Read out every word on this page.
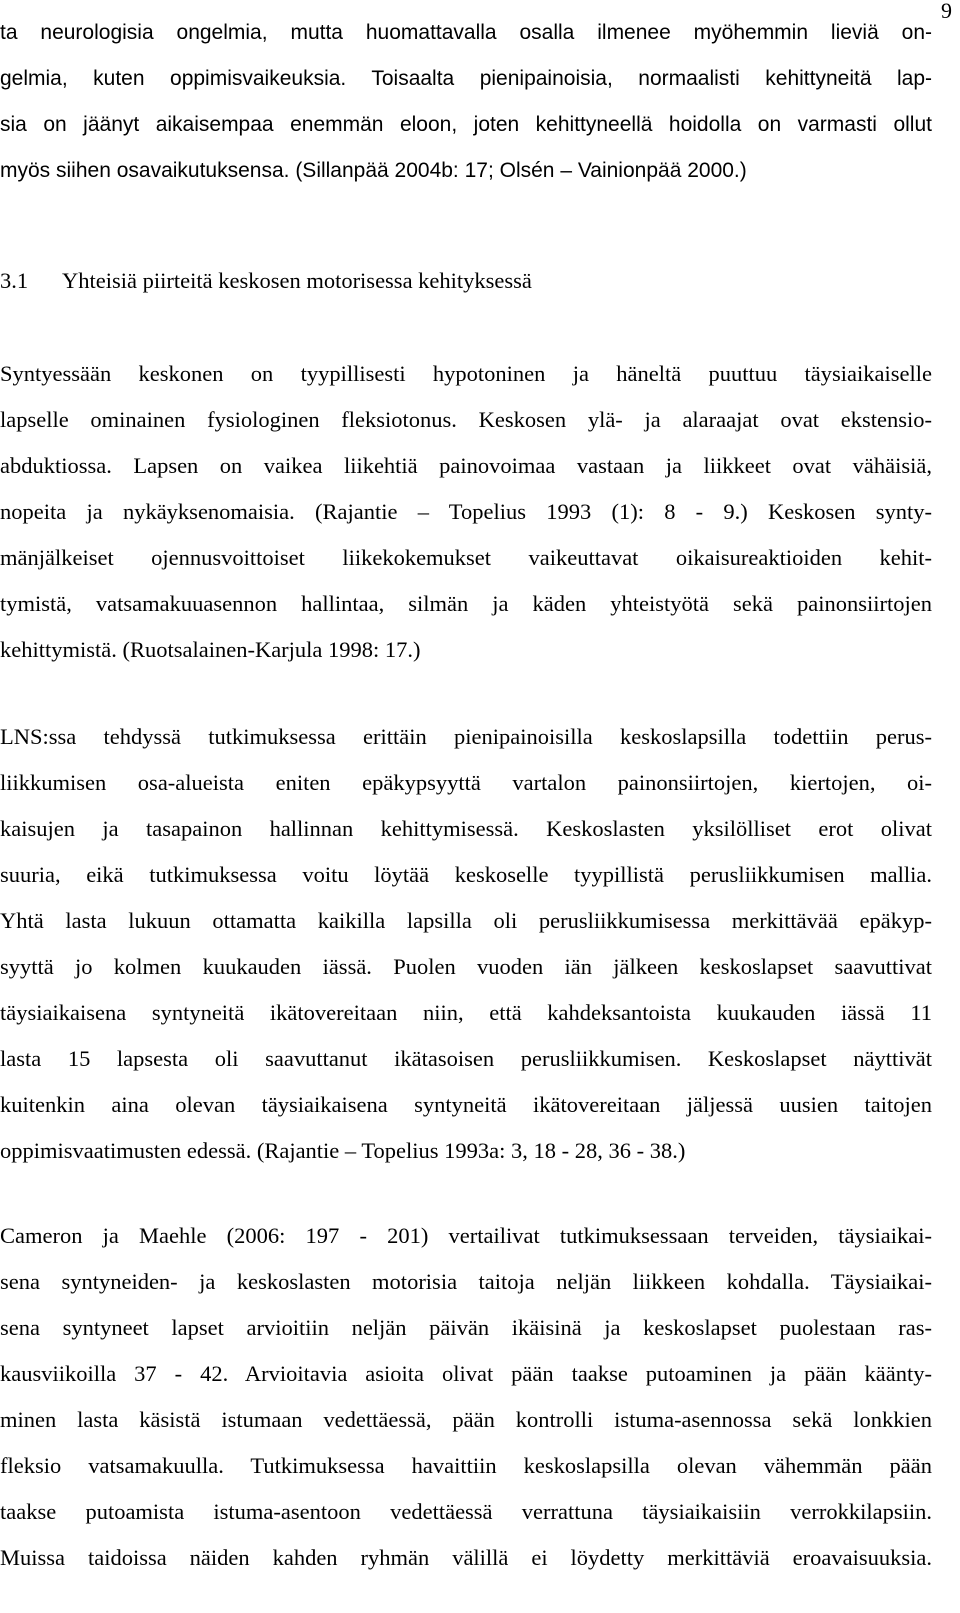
9
ta neurologisia ongelmia, mutta huomattavalla osalla ilmenee myöhemmin lieviä on-
gelmia, kuten oppimisvaikeuksia. Toisaalta pienipainoisia, normaalisti kehittyneitä lap-
sia on jäänyt aikaisempaa enemmän eloon, joten kehittyneellä hoidolla on varmasti ollut
myös siihen osavaikutuksensa. (Sillanpää 2004b: 17; Olsén – Vainionpää 2000.)
3.1 Yhteisiä piirteitä keskosen motorisessa kehityksessä
Syntyessään keskonen on tyypillisesti hypotoninen ja häneltä puuttuu täysiaikaiselle
lapselle ominainen fysiologinen fleksiotonus. Keskosen ylä- ja alaraajat ovat ekstensio-
abduktiossa. Lapsen on vaikea liikehtiä painovoimaa vastaan ja liikkeet ovat vähäisiä,
nopeita ja nykäyksenomaisia. (Rajantie – Topelius 1993 (1): 8 - 9.) Keskosen synty-
mänjälkeiset ojennusvoittoiset liikekokemukset vaikeuttavat oikaisureaktioiden kehit-
tymistä, vatsamakuuasennon hallintaa, silmän ja käden yhteistyötä sekä painonsiirtojen
kehittymistä. (Ruotsalainen-Karjula 1998: 17.)
LNS:ssa tehdyssä tutkimuksessa erittäin pienipainoisilla keskoslapsilla todettiin perus-
liikkumisen osa-alueista eniten epäkypsyyttä vartalon painonsiirtojen, kiertojen, oi-
kaisujen ja tasapainon hallinnan kehittymisessä. Keskoslasten yksilölliset erot olivat
suuria, eikä tutkimuksessa voitu löytää keskoselle tyypillistä perusliikkumisen mallia.
Yhtä lasta lukuun ottamatta kaikilla lapsilla oli perusliikkumisessa merkittävää epäkyp-
syyttä jo kolmen kuukauden iässä. Puolen vuoden iän jälkeen keskoslapset saavuttivat
täysiaikaisena syntyneitä ikätovereitaan niin, että kahdeksantoista kuukauden iässä 11
lasta 15 lapsesta oli saavuttanut ikätasoisen perusliikkumisen. Keskoslapset näyttivät
kuitenkin aina olevan täysiaikaisena syntyneitä ikätovereitaan jäljessä uusien taitojen
oppimisvaatimusten edessä. (Rajantie – Topelius 1993a: 3, 18 - 28, 36 - 38.)
Cameron ja Maehle (2006: 197 - 201) vertailivat tutkimuksessaan terveiden, täysiaikai-
sena syntyneiden- ja keskoslasten motorisia taitoja neljän liikkeen kohdalla. Täysiaikai-
sena syntyneet lapset arvioitiin neljän päivän ikäisinä ja keskoslapset puolestaan ras-
kausviikoilla 37 - 42. Arvioitavia asioita olivat pään taakse putoaminen ja pään käänty-
minen lasta käsistä istumaan vedettäessä, pään kontrolli istuma-asennossa sekä lonkkien
fleksio vatsamakuulla. Tutkimuksessa havaittiin keskoslapsilla olevan vähemmän pään
taakse putoamista istuma-asentoon vedettäessä verrattuna täysiaikaisiin verrokkilapsiin.
Muissa taidoissa näiden kahden ryhmän välillä ei löydetty merkittäviä eroavaisuuksia.
